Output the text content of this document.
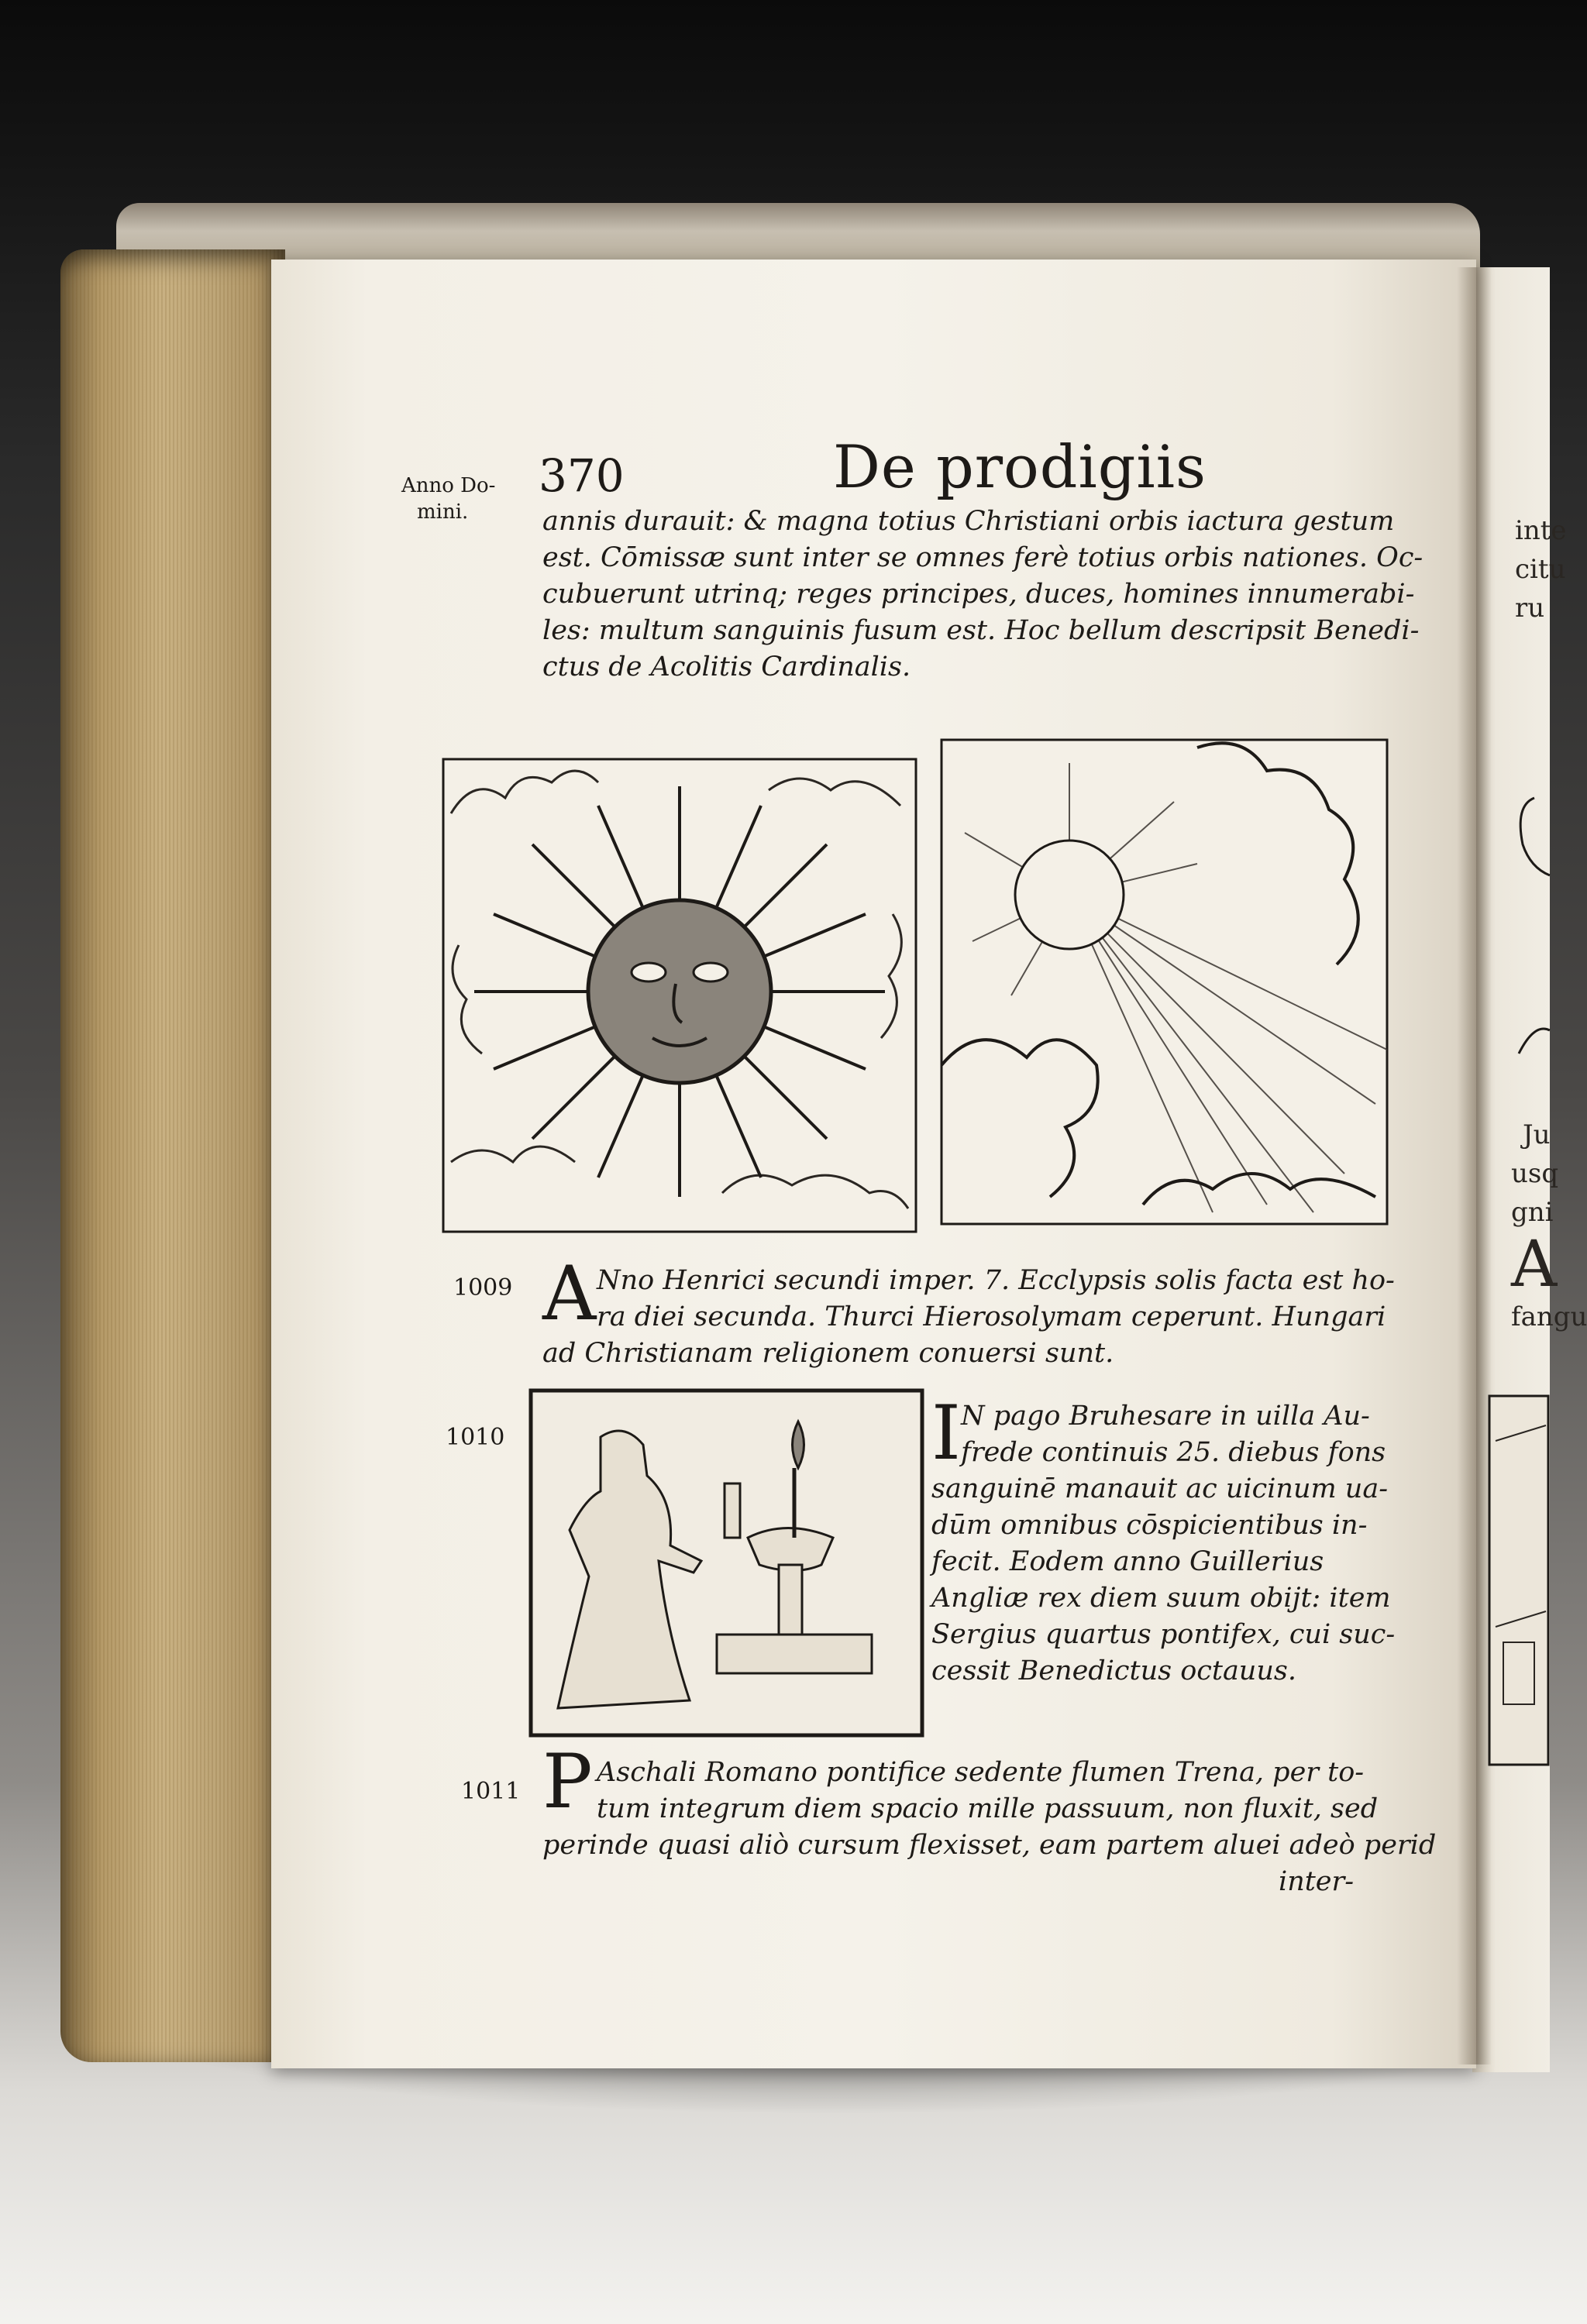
Anno Do-
mini.
370	De prodigiis
annis durauit: & magna totius Christiani orbis iactura gestum
est. Cōmissæ sunt inter se omnes ferè totius orbis nationes. Oc-
cubuerunt utrinq; reges principes, duces, homines innumerabi-
les: multum sanguinis fusum est. Hoc bellum descripsit Benedi-
ctus de Acolitis Cardinalis.
1009 A Nno Henrici secundi imper. 7. Ecclypsis solis facta est ho-
ra diei secunda. Thurci Hierosolymam ceperunt. Hungari
ad Christianam religionem conuersi sunt.
1010	I N pago Bruhesare in uilla Au-
frede continuis 25. diebus fons
sanguinē manauit ac uicinum ua-
dūm omnibus cōspicientibus in-
fecit. Eodem anno Guillerius
Angliæ rex diem suum obijt: item
Sergius quartus pontifex, cui suc-
cessit Benedictus octauus.
1011 P Aschali Romano pontifice sedente flumen Trena, per to-
tum integrum diem spacio mille passuum, non fluxit, sed
perinde quasi aliò cursum flexisset, eam partem aluei adeò perid
inter-
inte
citu
ru
Ju
usq
gni
A
fangu
